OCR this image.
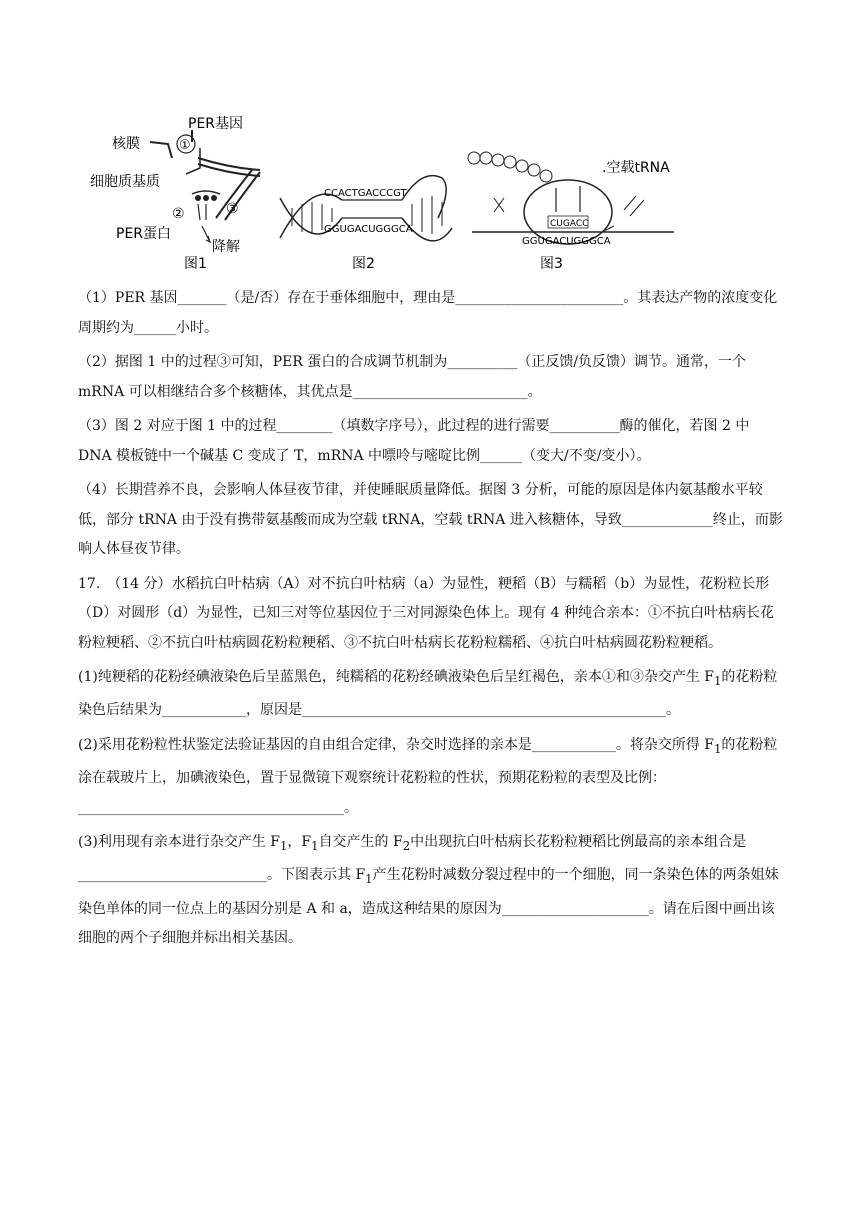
PER基因
核膜
细胞质基质
PER蛋白
降解
图1
①
②	③
CCACTGACCCGT
GGUGACUGGGCA
图2
.空载tRNA
CUGACC
GGUGACUGGGCA
图3

（1）PER 基因_______（是/否）存在于垂体细胞中，理由是________________________。其表达产物的浓度变化周期约为______小时。

（2）据图 1 中的过程③可知，PER 蛋白的合成调节机制为__________（正反馈/负反馈）调节。通常，一个 mRNA 可以相继结合多个核糖体，其优点是_________________________。

（3）图 2 对应于图 1 中的过程________（填数字序号），此过程的进行需要__________酶的催化，若图 2 中 DNA 模板链中一个碱基 C 变成了 T，mRNA 中嘌呤与嘧啶比例______（变大/不变/变小）。

（4）长期营养不良，会影响人体昼夜节律，并使睡眠质量降低。据图 3 分析，可能的原因是体内氨基酸水平较低，部分 tRNA 由于没有携带氨基酸而成为空载 tRNA，空载 tRNA 进入核糖体，导致_____________终止，而影响人体昼夜节律。

17.　（14 分）水稻抗白叶枯病（A）对不抗白叶枯病（a）为显性，粳稻（B）与糯稻（b）为显性，花粉粒长形（D）对圆形（d）为显性，已知三对等位基因位于三对同源染色体上。现有 4 种纯合亲本：①不抗白叶枯病长花粉粒粳稻、②不抗白叶枯病圆花粉粒粳稻、③不抗白叶枯病长花粉粒糯稻、④抗白叶枯病圆花粉粒粳稻。

(1)纯粳稻的花粉经碘液染色后呈蓝黑色，纯糯稻的花粉经碘液染色后呈红褐色，亲本①和③杂交产生 $F_1$的花粉粒染色后结果为____________，原因是____________________________________________________。

(2)采用花粉粒性状鉴定法验证基因的自由组合定律，杂交时选择的亲本是____________。将杂交所得 $F_1$的花粉粒涂在载玻片上，加碘液染色，置于显微镜下观察统计花粉粒的性状，预期花粉粒的表型及比例：______________________________________。

(3)利用现有亲本进行杂交产生 $F_1$，$F_1$自交产生的 $F_2$中出现抗白叶枯病长花粉粒粳稻比例最高的亲本组合是___________________________。下图表示其 $F_1$产生花粉时减数分裂过程中的一个细胞，同一条染色体的两条姐妹染色单体的同一位点上的基因分别是 A 和 a，造成这种结果的原因为_____________________。请在后图中画出该细胞的两个子细胞并标出相关基因。
